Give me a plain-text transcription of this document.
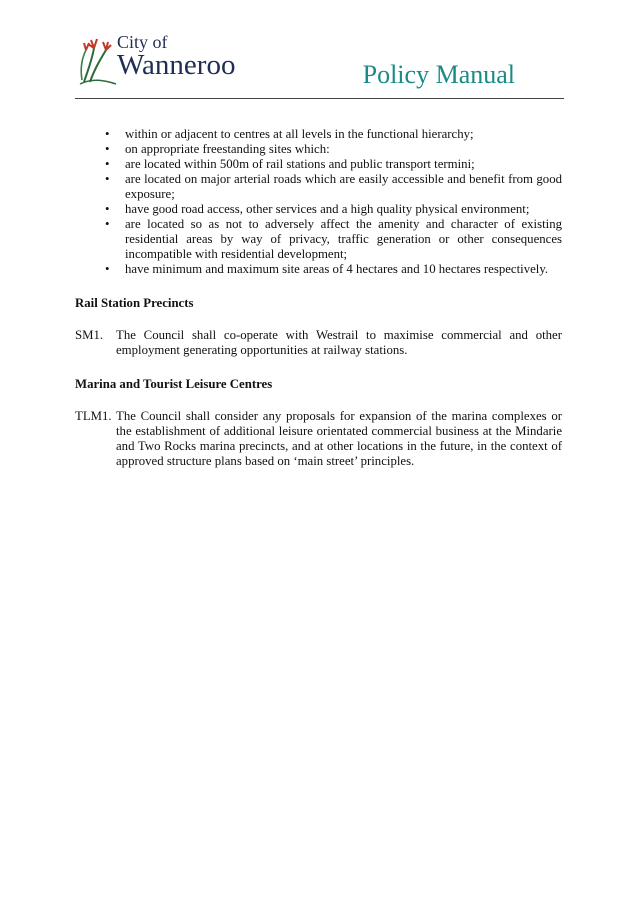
City of
Wanneroo	Policy Manual
• within or adjacent to centres at all levels in the functional hierarchy;
• on appropriate freestanding sites which:
• are located within 500m of rail stations and public transport termini;
• are located on major arterial roads which are easily accessible and benefit from good exposure;
• have good road access, other services and a high quality physical environment;
• are located so as not to adversely affect the amenity and character of existing residential areas by way of privacy, traffic generation or other consequences incompatible with residential development;
• have minimum and maximum site areas of 4 hectares and 10 hectares respectively.
Rail Station Precincts
SM1. The Council shall co-operate with Westrail to maximise commercial and other employment generating opportunities at railway stations.
Marina and Tourist Leisure Centres
TLM1. The Council shall consider any proposals for expansion of the marina complexes or the establishment of additional leisure orientated commercial business at the Mindarie and Two Rocks marina precincts, and at other locations in the future, in the context of approved structure plans based on ‘main street’ principles.
